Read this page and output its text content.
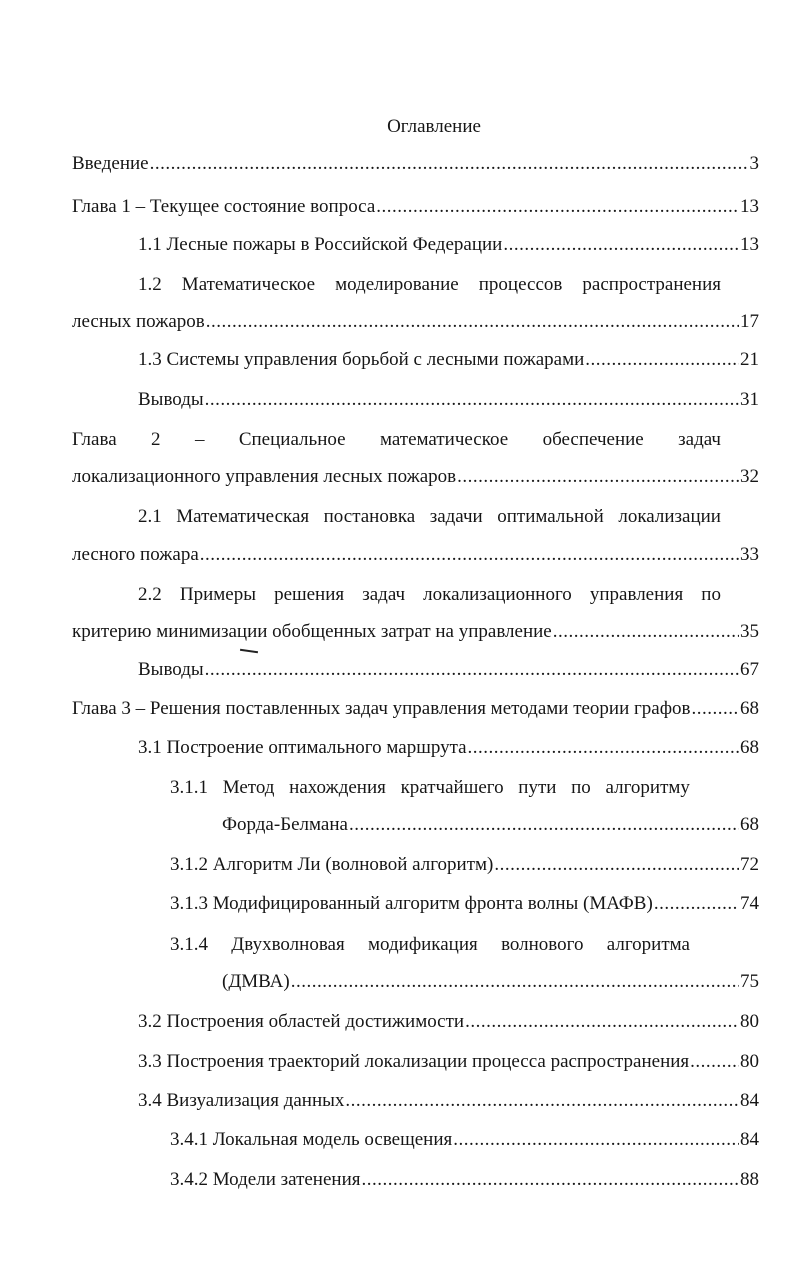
Оглавление
Введение .....	3
Глава 1 – Текущее состояние вопроса .....	13
1.1 Лесные пожары в Российской Федерации .....	13
1.2 Математическое моделирование процессов распространения
лесных пожаров .....	17
1.3 Системы управления борьбой с лесными пожарами .....	21
Выводы .....	31
Глава 2 – Специальное математическое обеспечение задач
локализационного управления лесных пожаров .....	32
2.1 Математическая постановка задачи оптимальной локализации
лесного пожара .....	33
2.2 Примеры решения задач локализационного управления по
критерию минимизации обобщенных затрат на управление .....	35
Выводы .....	67
Глава 3 – Решения поставленных задач управления методами теории графов .....	68
3.1 Построение оптимального маршрута .....	68
3.1.1 Метод нахождения кратчайшего пути по алгоритму
Форда-Белмана .....	68
3.1.2 Алгоритм Ли (волновой алгоритм) .....	72
3.1.3 Модифицированный алгоритм фронта волны (МАФВ) .....	74
3.1.4 Двухволновая модификация волнового алгоритма
(ДМВА) .....	75
3.2 Построения областей достижимости .....	80
3.3 Построения траекторий локализации процесса распространения .....	80
3.4 Визуализация данных .....	84
3.4.1 Локальная модель освещения .....	84
3.4.2 Модели затенения .....	88
